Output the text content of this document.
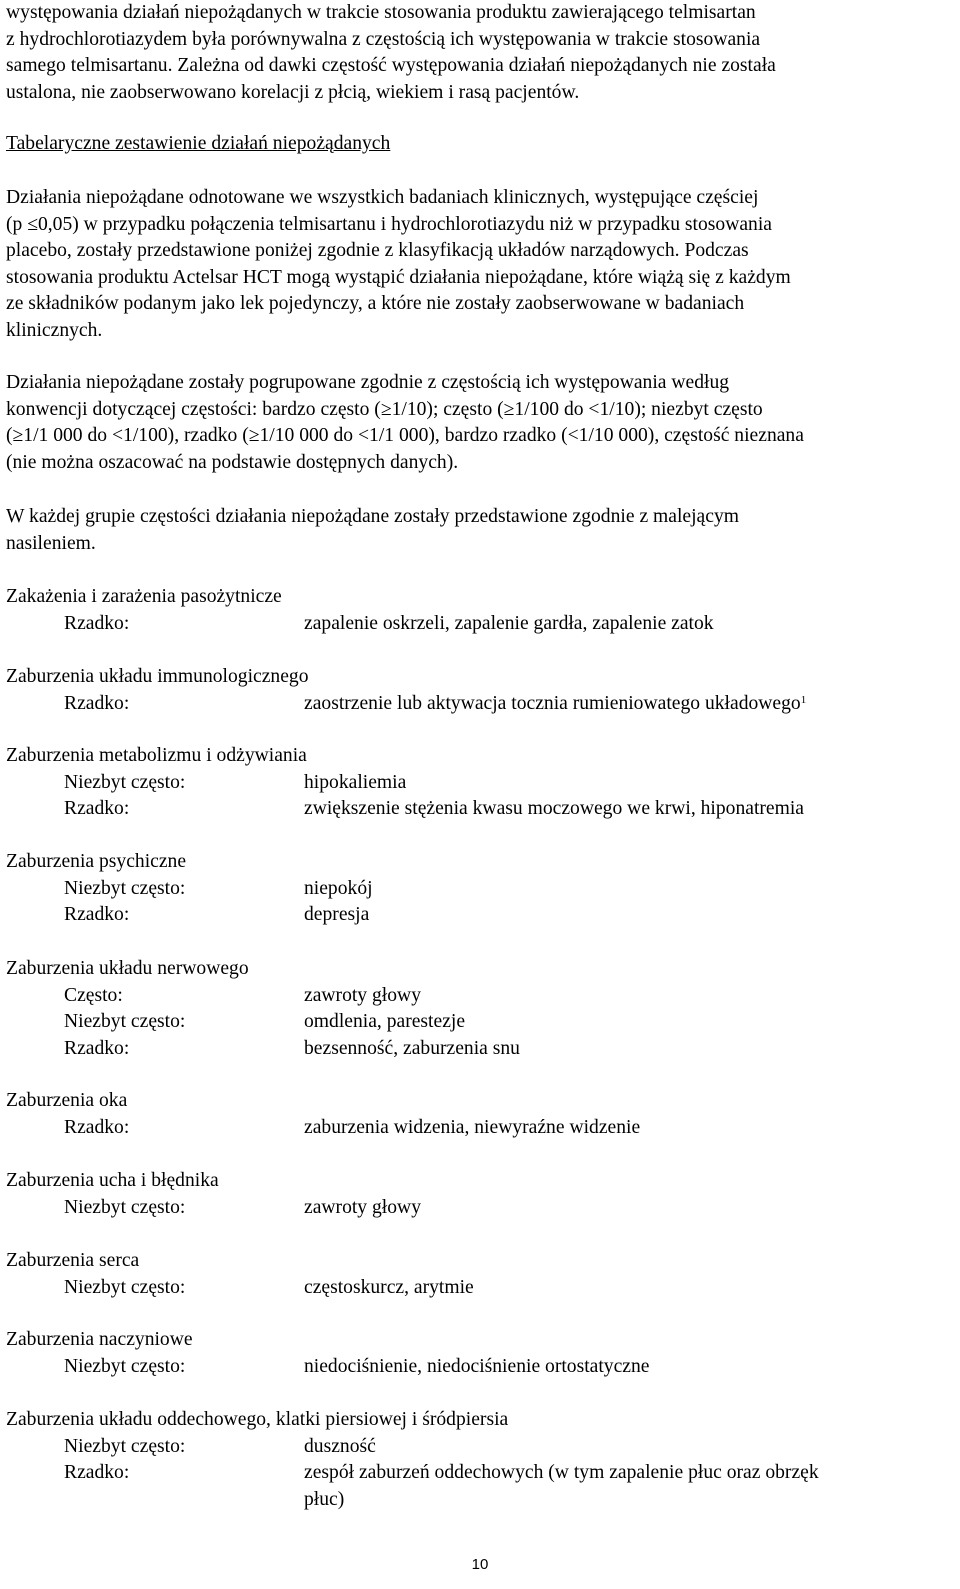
występowania działań niepożądanych w trakcie stosowania produktu zawierającego telmisartan
z hydrochlorotiazydem była porównywalna z częstością ich występowania w trakcie stosowania
samego telmisartanu. Zależna od dawki częstość występowania działań niepożądanych nie została
ustalona, nie zaobserwowano korelacji z płcią, wiekiem i rasą pacjentów.
Tabelaryczne zestawienie działań niepożądanych
Działania niepożądane odnotowane we wszystkich badaniach klinicznych, występujące częściej
(p ≤0,05) w przypadku połączenia telmisartanu i hydrochlorotiazydu niż w przypadku stosowania
placebo, zostały przedstawione poniżej zgodnie z klasyfikacją układów narządowych. Podczas
stosowania produktu Actelsar HCT mogą wystąpić działania niepożądane, które wiążą się z każdym
ze składników podanym jako lek pojedynczy, a które nie zostały zaobserwowane w badaniach
klinicznych.
Działania niepożądane zostały pogrupowane zgodnie z częstością ich występowania według
konwencji dotyczącej częstości: bardzo często (≥1/10); często (≥1/100 do <1/10); niezbyt często
(≥1/1 000 do <1/100), rzadko (≥1/10 000 do <1/1 000), bardzo rzadko (<1/10 000), częstość nieznana
(nie można oszacować na podstawie dostępnych danych).
W każdej grupie częstości działania niepożądane zostały przedstawione zgodnie z malejącym
nasileniem.
Zakażenia i zarażenia pasożytnicze
Rzadko:	zapalenie oskrzeli, zapalenie gardła, zapalenie zatok
Zaburzenia układu immunologicznego
Rzadko:	zaostrzenie lub aktywacja tocznia rumieniowatego układowego$^1$
Zaburzenia metabolizmu i odżywiania
Niezbyt często:	hipokaliemia
Rzadko:	zwiększenie stężenia kwasu moczowego we krwi, hiponatremia
Zaburzenia psychiczne
Niezbyt często:	niepokój
Rzadko:	depresja
Zaburzenia układu nerwowego
Często:	zawroty głowy
Niezbyt często:	omdlenia, parestezje
Rzadko:	bezsenność, zaburzenia snu
Zaburzenia oka
Rzadko:	zaburzenia widzenia, niewyraźne widzenie
Zaburzenia ucha i błędnika
Niezbyt często:	zawroty głowy
Zaburzenia serca
Niezbyt często:	częstoskurcz, arytmie
Zaburzenia naczyniowe
Niezbyt często:	niedociśnienie, niedociśnienie ortostatyczne
Zaburzenia układu oddechowego, klatki piersiowej i śródpiersia
Niezbyt często:	duszność
Rzadko:	zespół zaburzeń oddechowych (w tym zapalenie płuc oraz obrzęk
płuc)
10
